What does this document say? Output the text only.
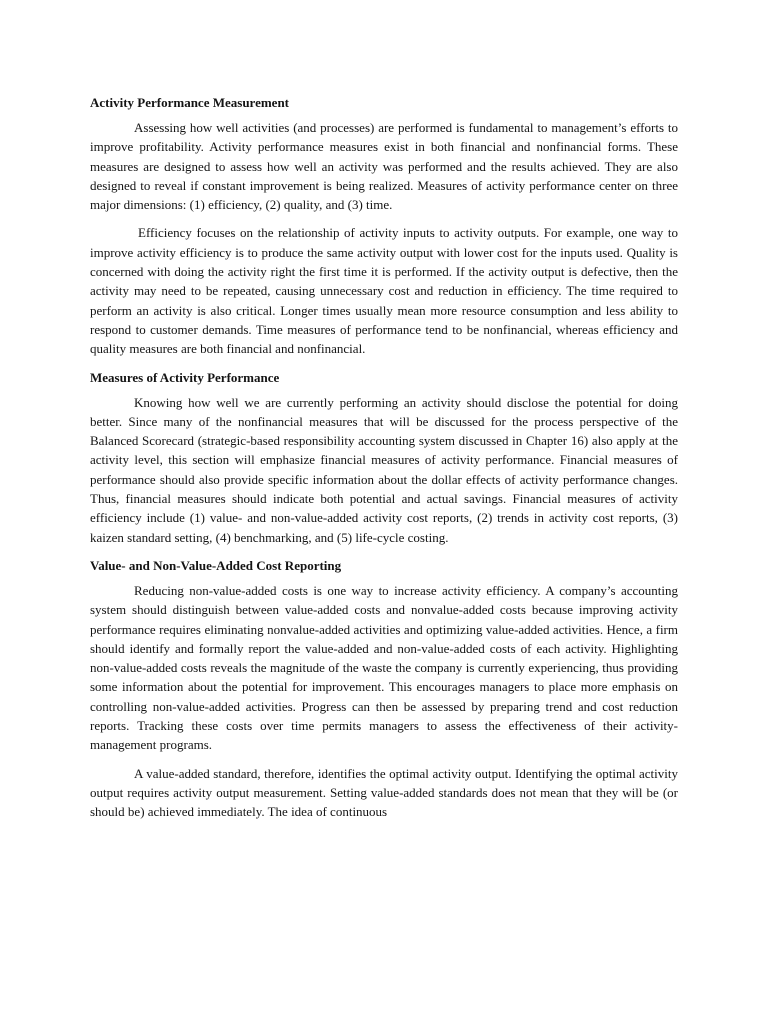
Activity Performance Measurement

Assessing how well activities (and processes) are performed is fundamental to management’s efforts to improve profitability. Activity performance measures exist in both financial and nonfinancial forms. These measures are designed to assess how well an activity was performed and the results achieved. They are also designed to reveal if constant improvement is being realized. Measures of activity performance center on three major dimensions: (1) efficiency, (2) quality, and (3) time.

Efficiency focuses on the relationship of activity inputs to activity outputs. For example, one way to improve activity efficiency is to produce the same activity output with lower cost for the inputs used. Quality is concerned with doing the activity right the first time it is performed. If the activity output is defective, then the activity may need to be repeated, causing unnecessary cost and reduction in efficiency. The time required to perform an activity is also critical. Longer times usually mean more resource consumption and less ability to respond to customer demands. Time measures of performance tend to be nonfinancial, whereas efficiency and quality measures are both financial and nonfinancial.

Measures of Activity Performance

Knowing how well we are currently performing an activity should disclose the potential for doing better. Since many of the nonfinancial measures that will be discussed for the process perspective of the Balanced Scorecard (strategic-based responsibility accounting system discussed in Chapter 16) also apply at the activity level, this section will emphasize financial measures of activity performance. Financial measures of performance should also provide specific information about the dollar effects of activity performance changes. Thus, financial measures should indicate both potential and actual savings. Financial measures of activity efficiency include (1) value- and non-value-added activity cost reports, (2) trends in activity cost reports, (3) kaizen standard setting, (4) benchmarking, and (5) life-cycle costing.

Value- and Non-Value-Added Cost Reporting

Reducing non-value-added costs is one way to increase activity efficiency. A company’s accounting system should distinguish between value-added costs and nonvalue-added costs because improving activity performance requires eliminating nonvalue-added activities and optimizing value-added activities. Hence, a firm should identify and formally report the value-added and non-value-added costs of each activity. Highlighting non-value-added costs reveals the magnitude of the waste the company is currently experiencing, thus providing some information about the potential for improvement. This encourages managers to place more emphasis on controlling non-value-added activities. Progress can then be assessed by preparing trend and cost reduction reports. Tracking these costs over time permits managers to assess the effectiveness of their activity-management programs.

A value-added standard, therefore, identifies the optimal activity output. Identifying the optimal activity output requires activity output measurement. Setting value-added standards does not mean that they will be (or should be) achieved immediately. The idea of continuous
